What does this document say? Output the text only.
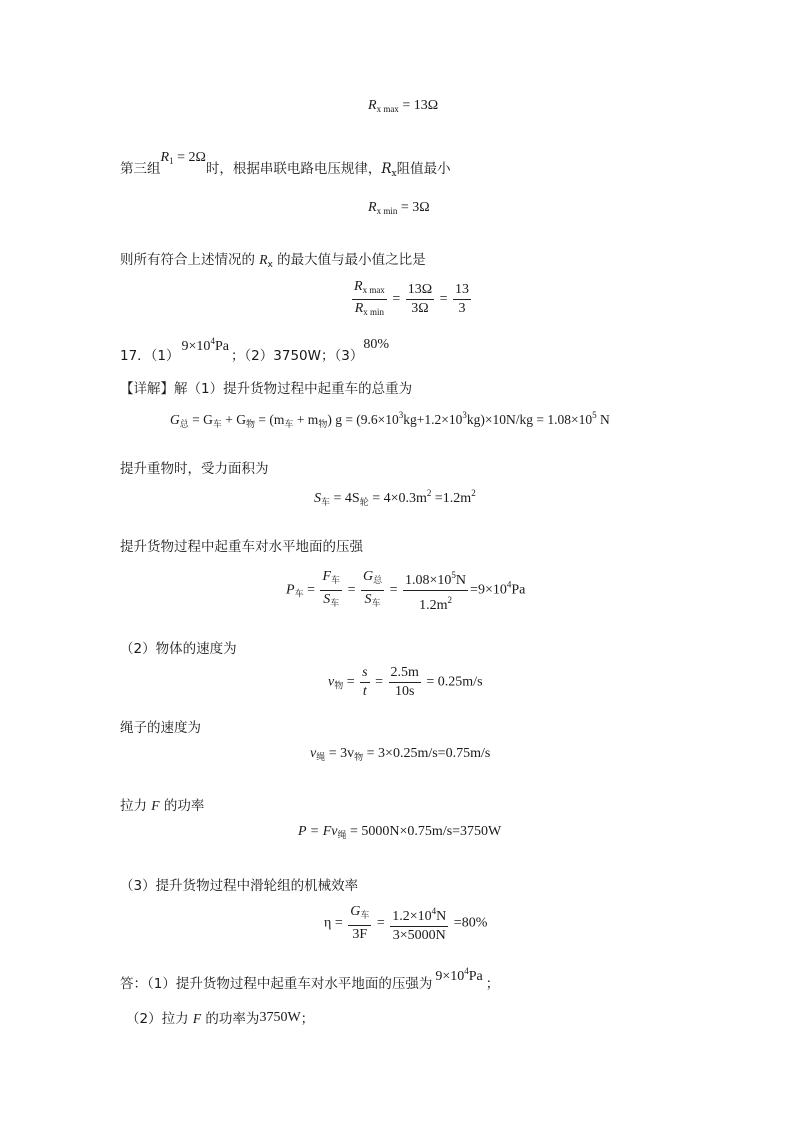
$R_{x max} = 13\Omega$
第三组$R_1 = 2\Omega$时，根据串联电路电压规律，$R_x$阻值最小
$R_{x min} = 3\Omega$
则所有符合上述情况的 $R_x$ 的最大值与最小值之比是
$\frac{R_{x max}}{R_{x min}} = \frac{13\Omega}{3\Omega} = \frac{13}{3}$
17．$(1)9\times 10^4Pa$；（2）3750W；（3）80%
【详解】解（1）提升货物过程中起重车的总重为
$G_总 = G_车 + G_物 = (m_车 + m_物) g = (9.6\times 10^3kg+1.2\times 10^3kg)\times 10N/kg = 1.08\times 10^5$ N
提升重物时，受力面积为
$S_车 = 4S_轮 = 4\times 0.3m^2 =1.2m^2$
提升货物过程中起重车对水平地面的压强
$P_车 = \frac{F_车}{S_车} = \frac{G_总}{S_车} = \frac{1.08\times 10^5N}{1.2m^2} =9\times 10^4Pa$
（2）物体的速度为
$v_物 = \frac{s}{t} = \frac{2.5m}{10s} = 0.25m/s$
绳子的速度为
$v_绳 = 3v_物 = 3\times 0.25m/s=0.75m/s$
拉力 F 的功率
$P = Fv_绳 = 5000N\times 0.75m/s=3750W$
（3）提升货物过程中滑轮组的机械效率
$\eta = \frac{G_车}{3F} = \frac{1.2\times 10^4N}{3\times 5000N} =80\%$
答：（1）提升货物过程中起重车对水平地面的压强为 $9\times 10^4Pa$ ；
（2）拉力 F 的功率为3750W；
